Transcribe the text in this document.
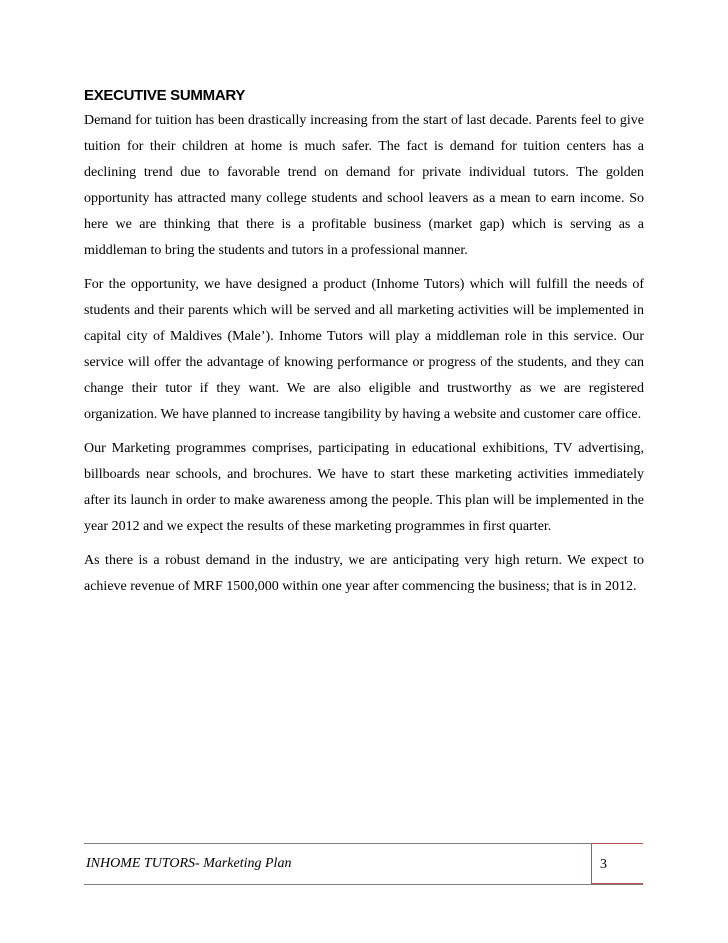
EXECUTIVE SUMMARY

Demand for tuition has been drastically increasing from the start of last decade. Parents feel to give tuition for their children at home is much safer. The fact is demand for tuition centers has a declining trend due to favorable trend on demand for private individual tutors. The golden opportunity has attracted many college students and school leavers as a mean to earn income. So here we are thinking that there is a profitable business (market gap) which is serving as a middleman to bring the students and tutors in a professional manner.

For the opportunity, we have designed a product (Inhome Tutors) which will fulfill the needs of students and their parents which will be served and all marketing activities will be implemented in capital city of Maldives (Male’). Inhome Tutors will play a middleman role in this service. Our service will offer the advantage of knowing performance or progress of the students, and they can change their tutor if they want. We are also eligible and trustworthy as we are registered organization. We have planned to increase tangibility by having a website and customer care office.

Our Marketing programmes comprises, participating in educational exhibitions, TV advertising, billboards near schools, and brochures. We have to start these marketing activities immediately after its launch in order to make awareness among the people. This plan will be implemented in the year 2012 and we expect the results of these marketing programmes in first quarter.

As there is a robust demand in the industry, we are anticipating very high return. We expect to achieve revenue of MRF 1500,000 within one year after commencing the business; that is in 2012.

INHOME TUTORS- Marketing Plan	3
